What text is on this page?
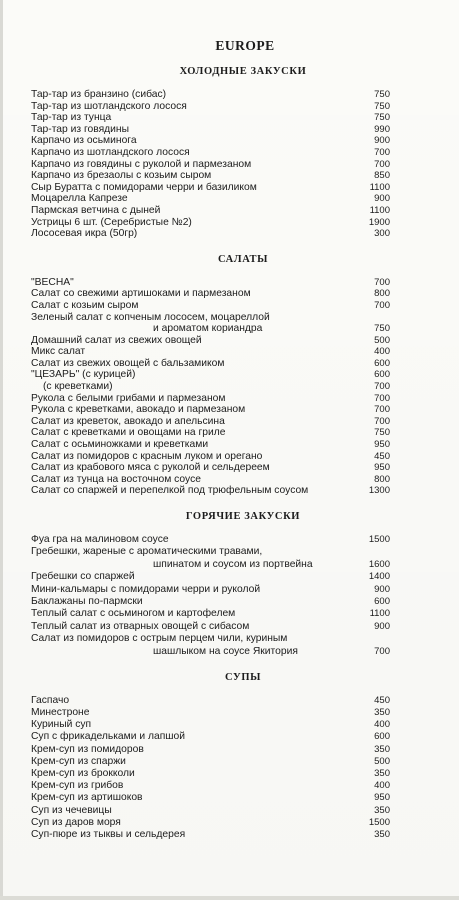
EUROPE
ХОЛОДНЫЕ ЗАКУСКИ
Тар-тар из бранзино (сибас)	750
Тар-тар из шотландского лосося	750
Тар-тар из тунца	750
Тар-тар из говядины	990
Карпачо из осьминога	900
Карпачо из шотландского лосося	700
Карпачо из говядины с руколой и пармезаном	700
Карпачо из брезаолы с козьим сыром	850
Сыр Буратта с помидорами черри и базиликом	1100
Моцарелла Капрезе	900
Пармская ветчина с дыней	1100
Устрицы 6 шт. (Серебристые №2)	1900
Лососевая икра (50гр)	300
САЛАТЫ
"ВЕСНА"	700
Салат со свежими артишоками и пармезаном	800
Салат с козьим сыром	700
Зеленый салат с копченым лососем, моцареллой
и ароматом кориандра	750
Домашний салат из свежих овощей	500
Микс салат	400
Салат из свежих овощей с бальзамиком	600
"ЦЕЗАРЬ" (с курицей)	600
(с креветками)	700
Рукола с белыми грибами и пармезаном	700
Рукола с креветками, авокадо и пармезаном	700
Салат из креветок, авокадо и апельсина	700
Салат с креветками и овощами на гриле	750
Салат с осьминожками и креветками	950
Салат из помидоров с красным луком и орегано	450
Салат из крабового мяса с руколой и сельдереем	950
Салат из тунца на восточном соусе	800
Салат со спаржей и перепелкой под трюфельным соусом	1300
ГОРЯЧИЕ ЗАКУСКИ
Фуа гра на малиновом соусе	1500
Гребешки, жареные с ароматическими травами,
шпинатом и соусом из портвейна	1600
Гребешки со спаржей	1400
Мини-кальмары с помидорами черри и руколой	900
Баклажаны по-пармски	600
Теплый салат с осьминогом и картофелем	1100
Теплый салат из отварных овощей с сибасом	900
Салат из помидоров с острым перцем чили, куриным
шашлыком на соусе Якитория	700
СУПЫ
Гаспачо	450
Минестроне	350
Куриный суп	400
Суп с фрикадельками и лапшой	600
Крем-суп из помидоров	350
Крем-суп из спаржи	500
Крем-суп из брокколи	350
Крем-суп из грибов	400
Крем-суп из артишоков	950
Суп из чечевицы	350
Суп из даров моря	1500
Суп-пюре из тыквы и сельдерея	350
